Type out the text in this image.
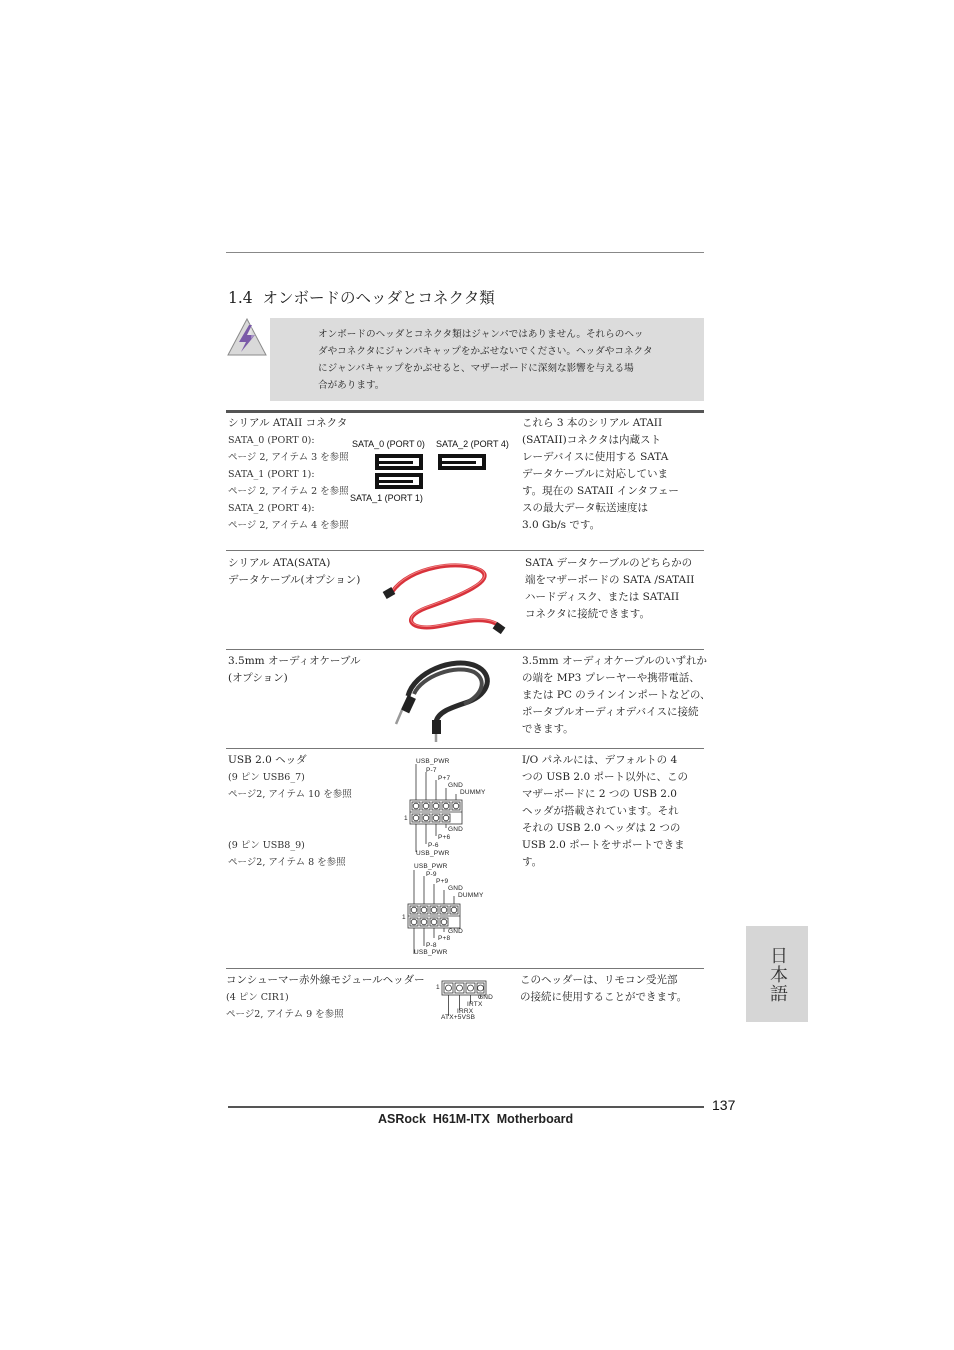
1.4 オンボードのヘッダとコネクタ類
オンボードのヘッダとコネクタ類はジャンパではありません。それらのヘッ
ダやコネクタにジャンパキャップをかぶせないでください。ヘッダやコネクタ
にジャンパキャップをかぶせると、マザーボードに深刻な影響を与える場
合があります。
シリアル ATAII コネクタ
SATA_0 (PORT 0):
ページ 2, アイテム 3 を参照
SATA_1 (PORT 1):
ページ 2, アイテム 2 を参照
SATA_2 (PORT 4):
ページ 2, アイテム 4 を参照
SATA_0 (PORT 0) SATA_2 (PORT 4)
SATA_1 (PORT 1)
これら 3 本のシリアル ATAII
(SATAII)コネクタは内蔵スト
レーデバイスに使用する SATA
データケーブルに対応していま
す。現在の SATAII インタフェー
スの最大データ転送速度は
3.0 Gb/s です。
シリアル ATA(SATA)
データケーブル(オプション)
SATA データケーブルのどちらかの
端をマザーボードの SATA /SATAII
ハードディスク、または SATAII
コネクタに接続できます。
3.5mm オーディオケーブル
(オプション)
3.5mm オーディオケーブルのいずれか
の端を MP3 プレーヤーや携帯電話、
または PC のラインインポートなどの、
ポータブルオーディオデバイスに接続
できます。
USB 2.0 ヘッダ
(9 ピン USB6_7)
ページ2, アイテム 10 を参照
(9 ピン USB8_9)
ページ2, アイテム 8 を参照
USB_PWR
P-7
P+7
GND
DUMMY
1
GND
P+6
P-6
USB_PWR
USB_PWR
P-9
P+9
GND
DUMMY
1
GND
P+8
P-8
USB_PWR
I/O パネルには、デフォルトの 4
つの USB 2.0 ポート以外に、この
マザーボードに 2 つの USB 2.0
ヘッダが搭載されています。それ
それの USB 2.0 ヘッダは 2 つの
USB 2.0 ポートをサポートできま
す。
コンシューマー赤外線モジュールヘッダー
(4 ピン CIR1)
ページ2, アイテム 9 を参照
1
GND
IRTX
IRRX
ATX+5VSB
このヘッダーは、リモコン受光部
の接続に使用することができます。	日本語
137
ASRock  H61M-ITX  Motherboard
